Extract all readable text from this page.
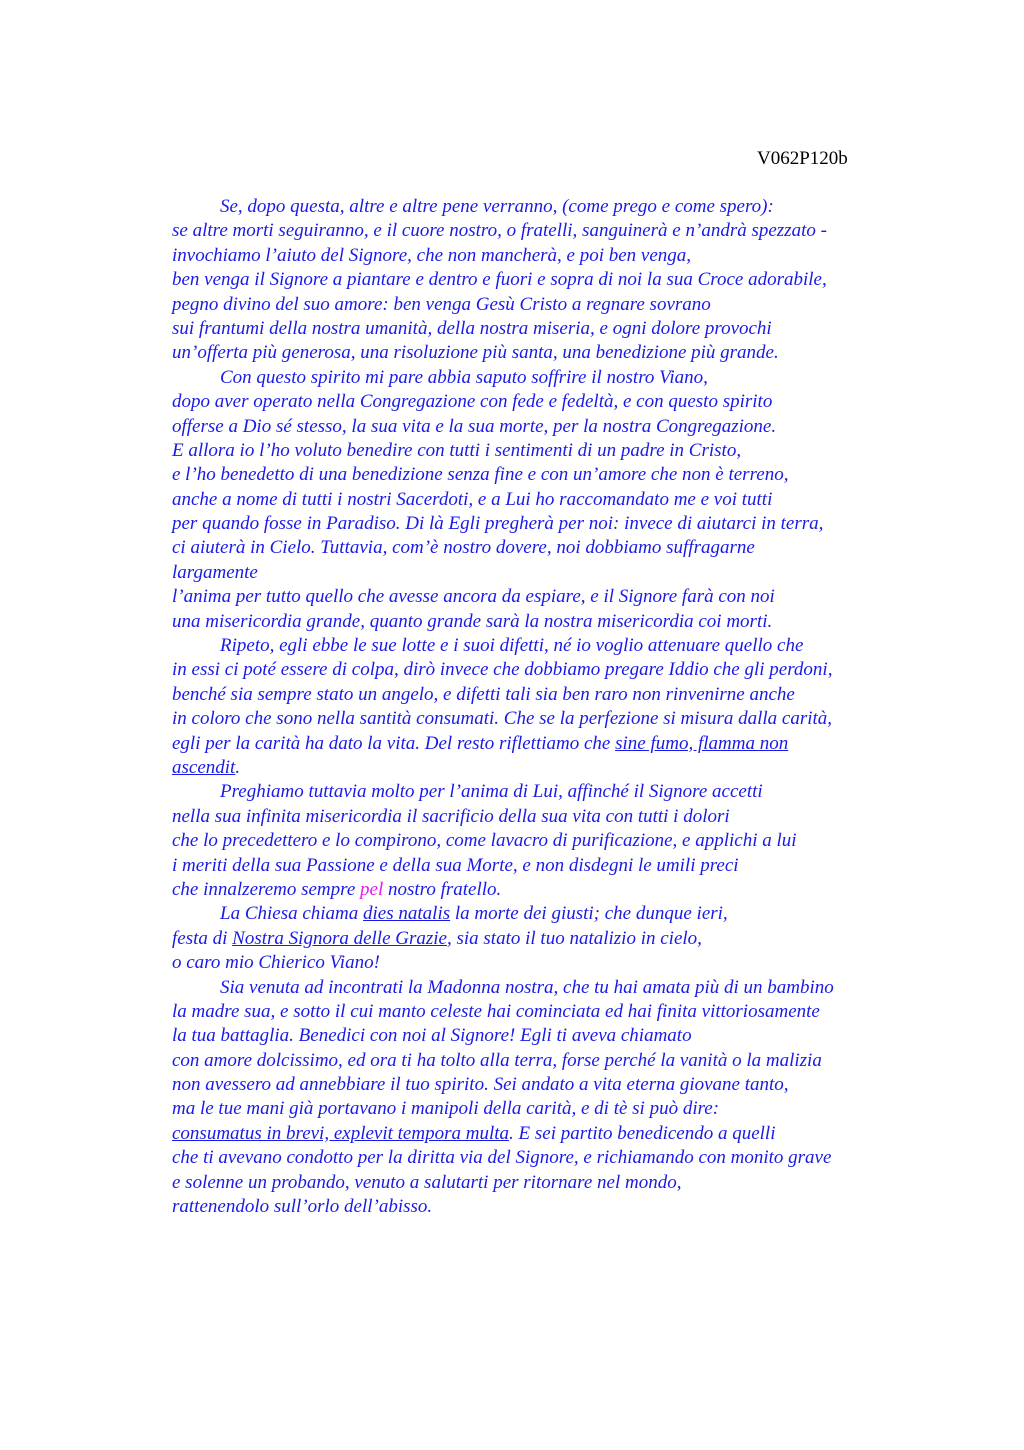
V062P120b
Se, dopo questa, altre e altre pene verranno, (come prego e come spero):
se altre morti seguiranno, e il cuore nostro, o fratelli, sanguinerà e n’andrà spezzato -
invochiamo l’aiuto del Signore, che non mancherà, e poi ben venga,
ben venga il Signore a piantare e dentro e fuori e sopra di noi la sua Croce adorabile,
pegno divino del suo amore: ben venga Gesù Cristo a regnare sovrano
sui frantumi della nostra umanità, della nostra miseria, e ogni dolore provochi
un’offerta più generosa, una risoluzione più santa, una benedizione più grande.
Con questo spirito mi pare abbia saputo soffrire il nostro Viano,
dopo aver operato nella Congregazione con fede e fedeltà, e con questo spirito
offerse a Dio sé stesso, la sua vita e la sua morte, per la nostra Congregazione.
E allora io l’ho voluto benedire con tutti i sentimenti di un padre in Cristo,
e l’ho benedetto di una benedizione senza fine e con un’amore che non è terreno,
anche a nome di tutti i nostri Sacerdoti, e a Lui ho raccomandato me e voi tutti
per quando fosse in Paradiso. Di là Egli pregherà per noi: invece di aiutarci in terra,
ci aiuterà in Cielo. Tuttavia, com’è nostro dovere, noi dobbiamo suffragarne
largamente
l’anima per tutto quello che avesse ancora da espiare, e il Signore farà con noi
una misericordia grande, quanto grande sarà la nostra misericordia coi morti.
Ripeto, egli ebbe le sue lotte e i suoi difetti, né io voglio attenuare quello che
in essi ci poté essere di colpa, dirò invece che dobbiamo pregare Iddio che gli perdoni,
benché sia sempre stato un angelo, e difetti tali sia ben raro non rinvenirne anche
in coloro che sono nella santità consumati. Che se la perfezione si misura dalla carità,
egli per la carità ha dato la vita. Del resto riflettiamo che sine fumo, flamma non
ascendit.
Preghiamo tuttavia molto per l’anima di Lui, affinché il Signore accetti
nella sua infinita misericordia il sacrificio della sua vita con tutti i dolori
che lo precedettero e lo compirono, come lavacro di purificazione, e applichi a lui
i meriti della sua Passione e della sua Morte, e non disdegni le umili preci
che innalzeremo sempre pel nostro fratello.
La Chiesa chiama dies natalis la morte dei giusti; che dunque ieri,
festa di Nostra Signora delle Grazie, sia stato il tuo natalizio in cielo,
o caro mio Chierico Viano!
Sia venuta ad incontrati la Madonna nostra, che tu hai amata più di un bambino
la madre sua, e sotto il cui manto celeste hai cominciata ed hai finita vittoriosamente
la tua battaglia. Benedici con noi al Signore! Egli ti aveva chiamato
con amore dolcissimo, ed ora ti ha tolto alla terra, forse perché la vanità o la malizia
non avessero ad annebbiare il tuo spirito. Sei andato a vita eterna giovane tanto,
ma le tue mani già portavano i manipoli della carità, e di tè si può dire:
consumatus in brevi, explevit tempora multa. E sei partito benedicendo a quelli
che ti avevano condotto per la diritta via del Signore, e richiamando con monito grave
e solenne un probando, venuto a salutarti per ritornare nel mondo,
rattenendolo sull’orlo dell’abisso.
